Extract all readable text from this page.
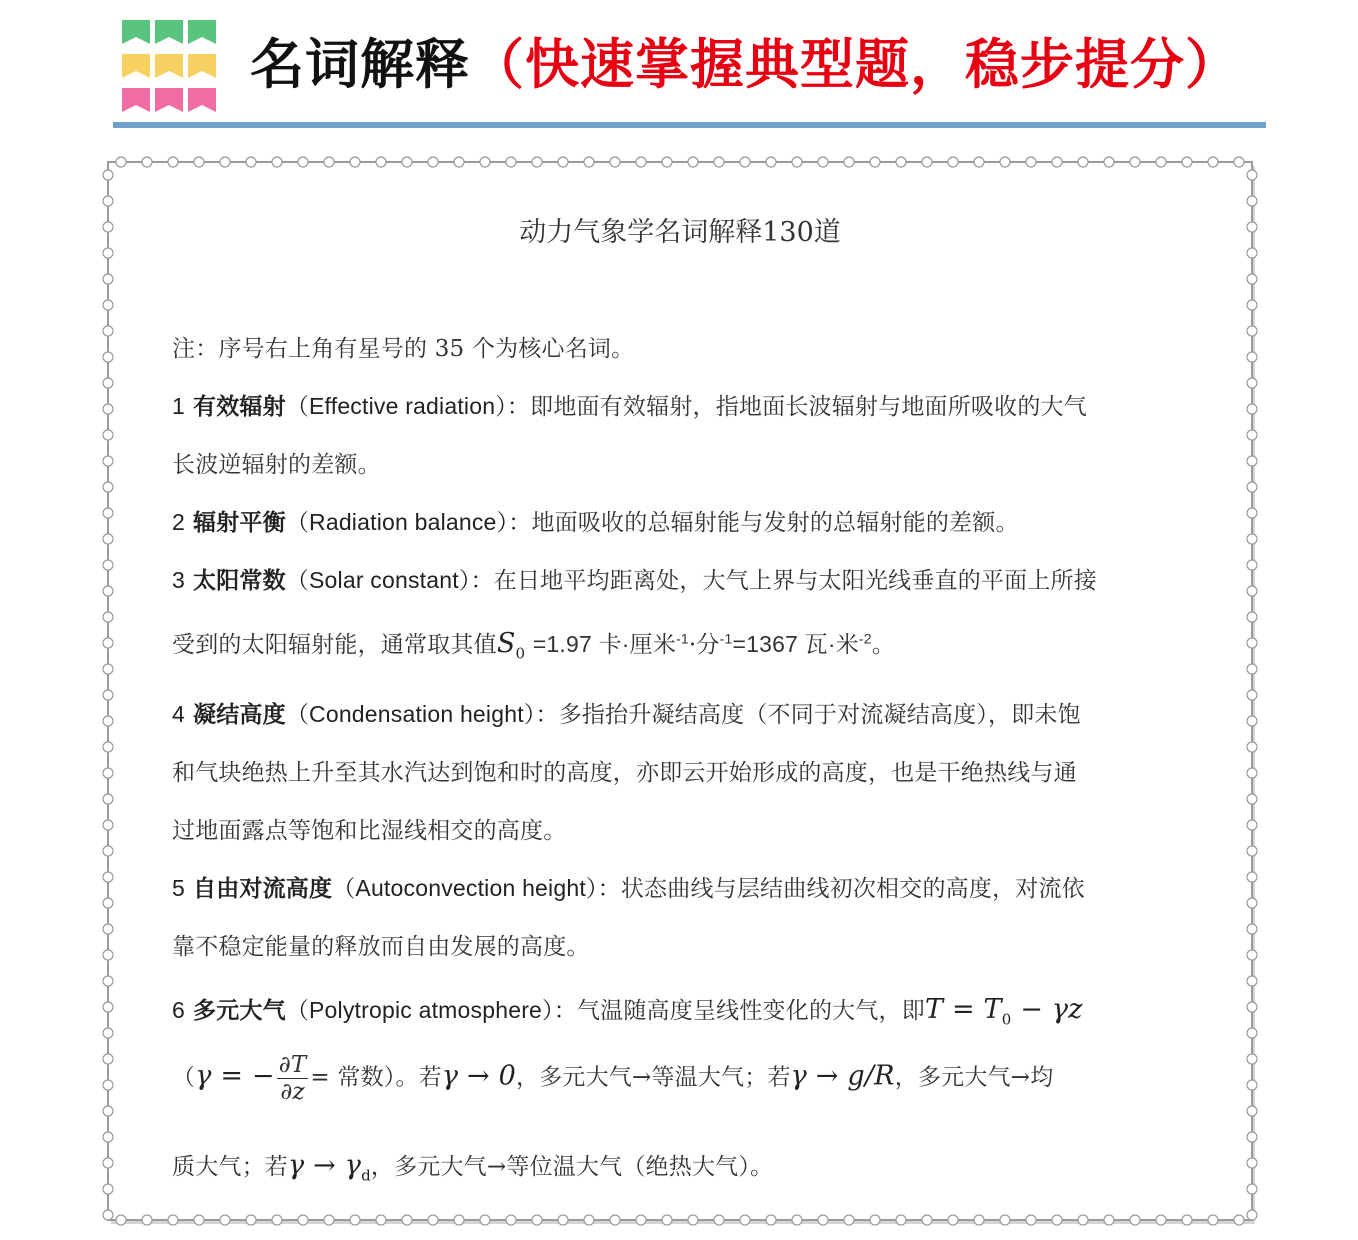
名词解释（快速掌握典型题，稳步提分）
动力气象学名词解释130道
注：序号右上角有星号的 35 个为核心名词。
1 有效辐射（Effective radiation）：即地面有效辐射，指地面长波辐射与地面所吸收的大气
长波逆辐射的差额。
2 辐射平衡（Radiation balance）：地面吸收的总辐射能与发射的总辐射能的差额。
3 太阳常数（Solar constant）：在日地平均距离处，大气上界与太阳光线垂直的平面上所接
受到的太阳辐射能，通常取其值$S_0 =1.97$ 卡·厘米$^{-1}$·分$^{-1}$=1367 瓦·米$^{-2}$。
4 凝结高度（Condensation height）：多指抬升凝结高度（不同于对流凝结高度），即未饱
和气块绝热上升至其水汽达到饱和时的高度，亦即云开始形成的高度，也是干绝热线与通
过地面露点等饱和比湿线相交的高度。
5 自由对流高度（Autoconvection height）：状态曲线与层结曲线初次相交的高度，对流依
靠不稳定能量的释放而自由发展的高度。
6 多元大气（Polytropic atmosphere）：气温随高度呈线性变化的大气，即$T = T_0 - \gamma z$
（γ = − $\frac{\partial T}{\partial z}$ = 常数）。若γ → 0，多元大气→等温大气；若γ → g/R，多元大气→均
质大气；若$\gamma \to \gamma_d$，多元大气→等位温大气（绝热大气）。
